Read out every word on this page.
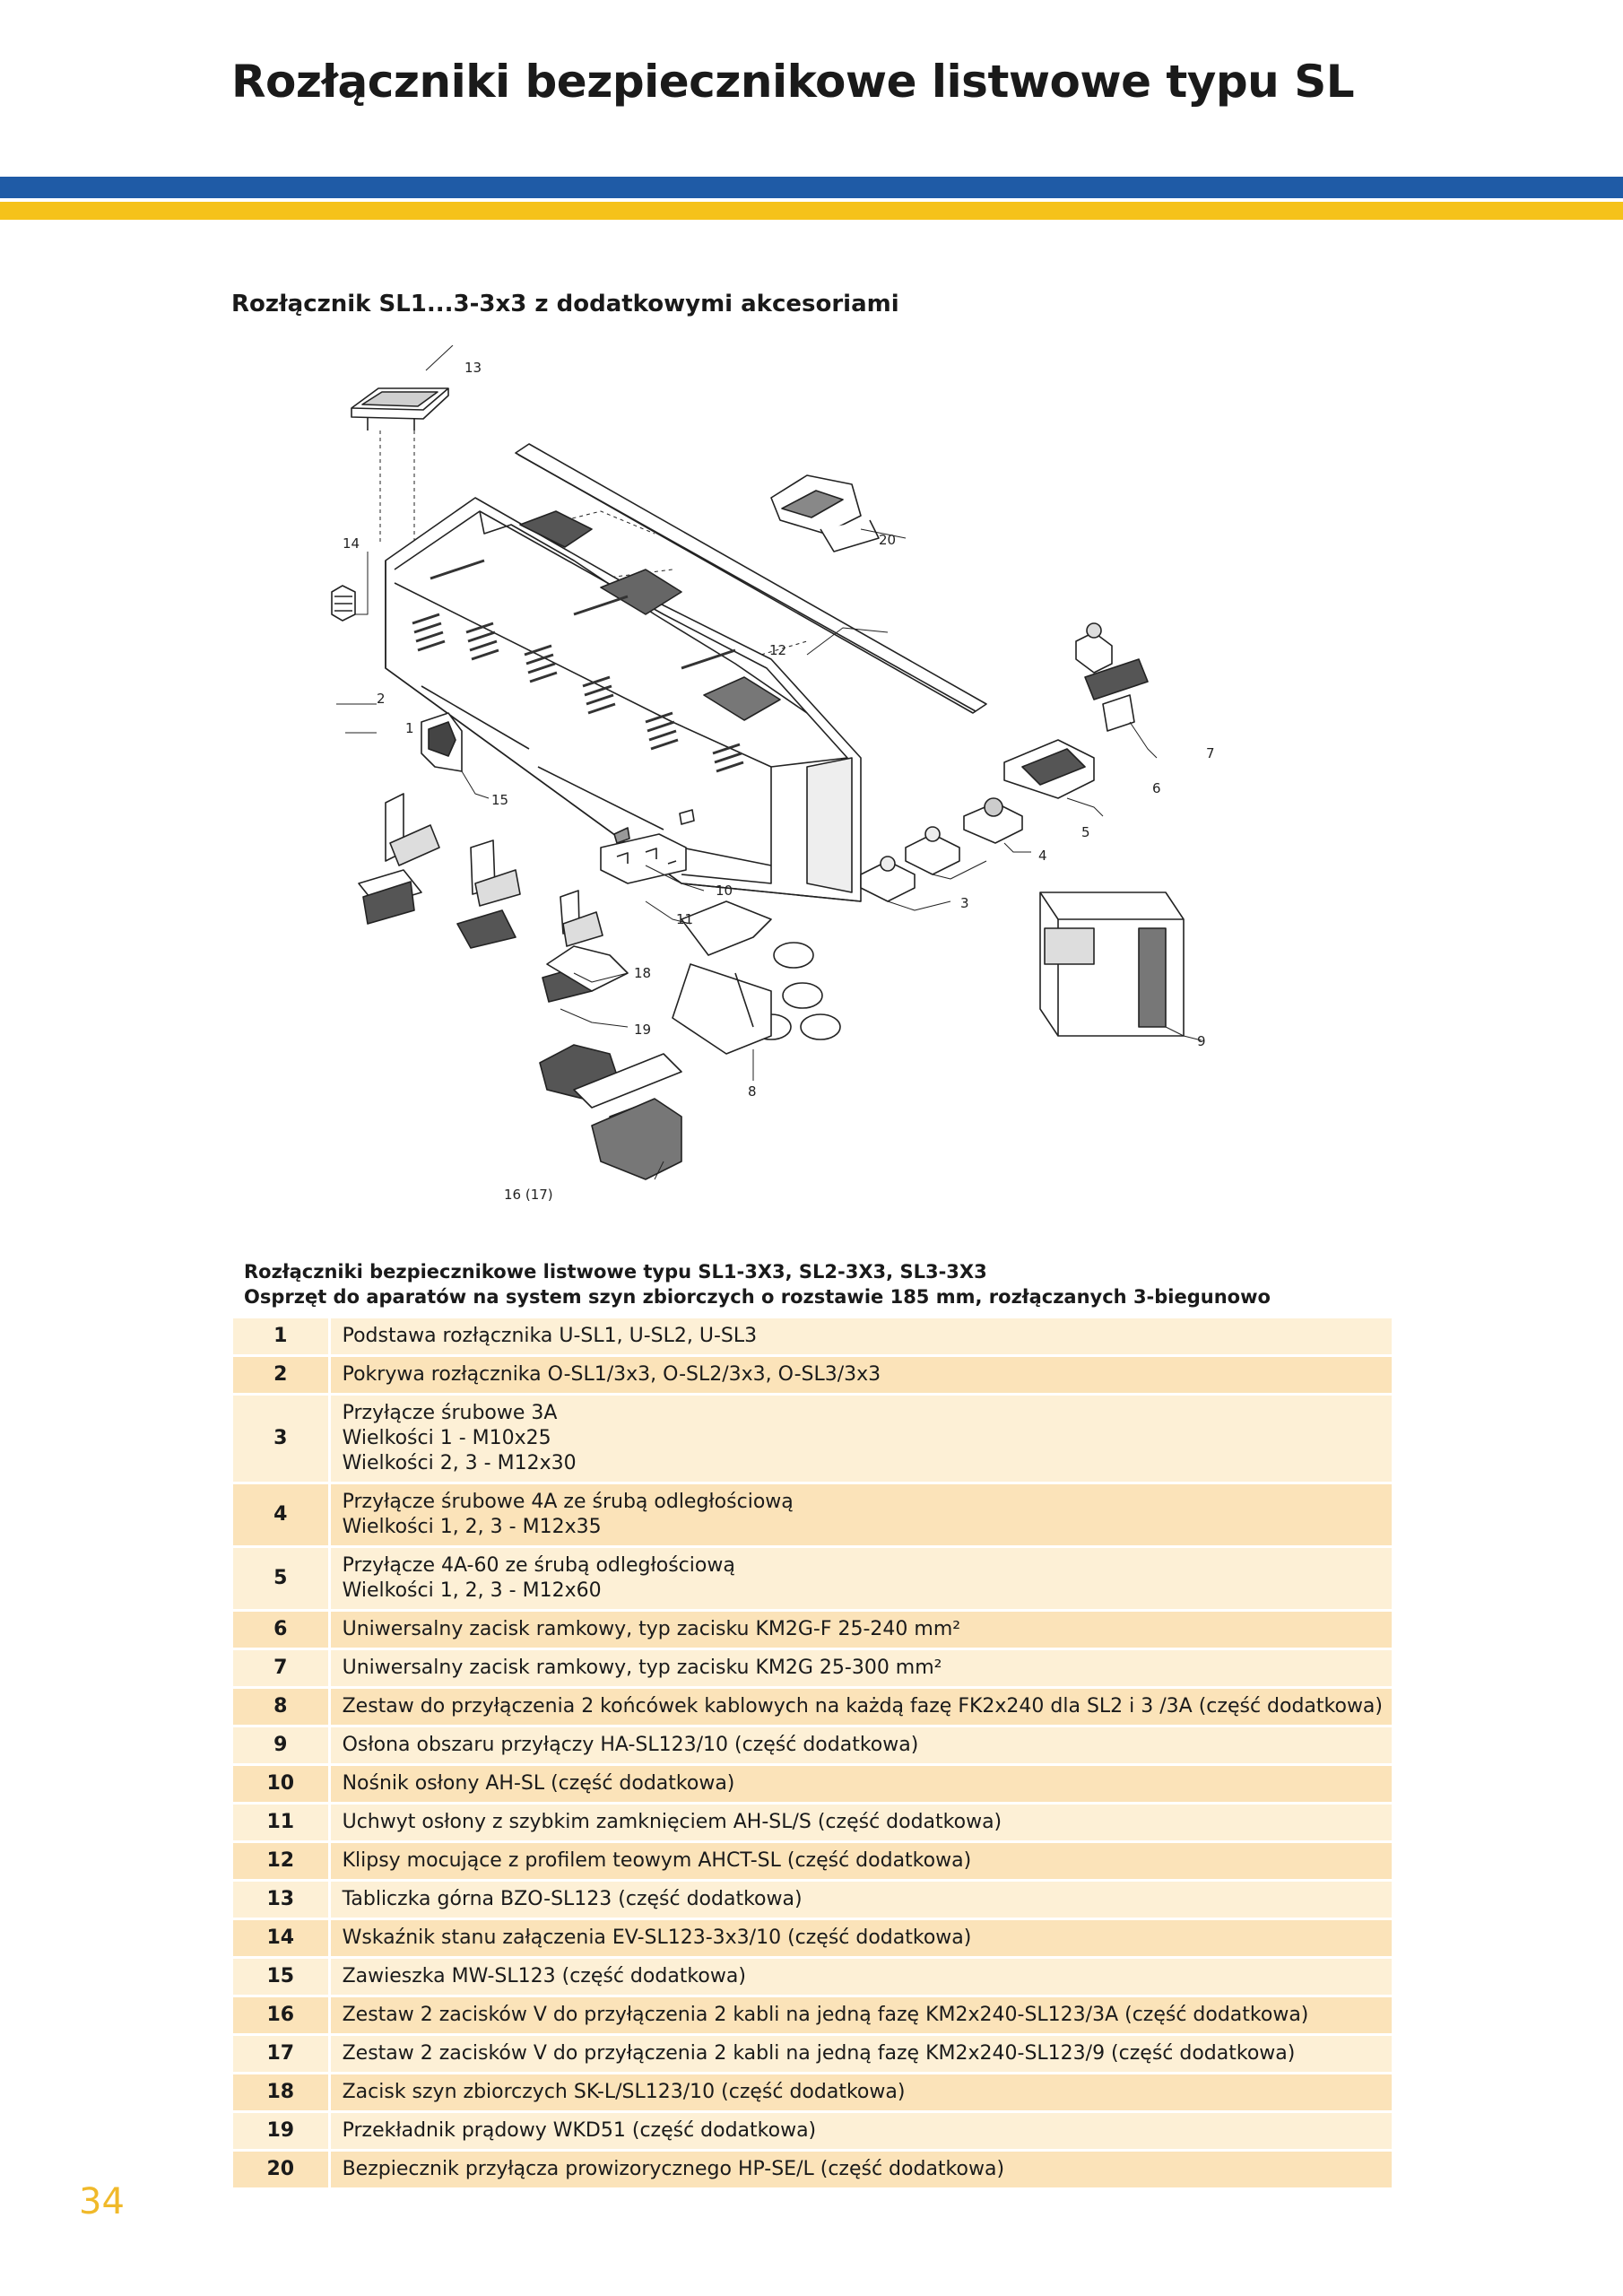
Rozłączniki bezpiecznikowe listwowe typu SL
Rozłącznik SL1...3-3x3 z dodatkowymi akcesoriami
13
14
2
1
15
10
11
18
19
8
3
4
5
6
7
12
20
9
16 (17)
Rozłączniki bezpiecznikowe listwowe typu SL1-3X3, SL2-3X3, SL3-3X3
Osprzęt do aparatów na system szyn zbiorczych o rozstawie 185 mm, rozłączanych 3-biegunowo
1	Podstawa rozłącznika U-SL1, U-SL2, U-SL3

2	Pokrywa rozłącznika O-SL1/3x3, O-SL2/3x3, O-SL3/3x3

3	Przyłącze śrubowe 3A
Wielkości 1 - M10x25
Wielkości 2, 3 - M12x30

4	Przyłącze śrubowe 4A ze śrubą odległościową
Wielkości 1, 2, 3 - M12x35

5	Przyłącze 4A-60 ze śrubą odległościową
Wielkości 1, 2, 3 - M12x60

6	Uniwersalny zacisk ramkowy, typ zacisku KM2G-F 25-240 mm²

7	Uniwersalny zacisk ramkowy, typ zacisku KM2G 25-300 mm²

8	Zestaw do przyłączenia 2 końcówek kablowych na każdą fazę FK2x240 dla SL2 i 3 /3A (część dodatkowa)

9	Osłona obszaru przyłączy HA-SL123/10 (część dodatkowa)

10	Nośnik osłony AH-SL (część dodatkowa)

11	Uchwyt osłony z szybkim zamknięciem AH-SL/S (część dodatkowa)

12	Klipsy mocujące z profilem teowym AHCT-SL (część dodatkowa)

13	Tabliczka górna BZO-SL123 (część dodatkowa)

14	Wskaźnik stanu załączenia EV-SL123-3x3/10 (część dodatkowa)

15	Zawieszka MW-SL123 (część dodatkowa)

16	Zestaw 2 zacisków V do przyłączenia 2 kabli na jedną fazę KM2x240-SL123/3A (część dodatkowa)

17	Zestaw 2 zacisków V do przyłączenia 2 kabli na jedną fazę KM2x240-SL123/9 (część dodatkowa)

18	Zacisk szyn zbiorczych SK-L/SL123/10 (część dodatkowa)

19	Przekładnik prądowy WKD51 (część dodatkowa)

20	Bezpiecznik przyłącza prowizorycznego HP-SE/L (część dodatkowa)
34
